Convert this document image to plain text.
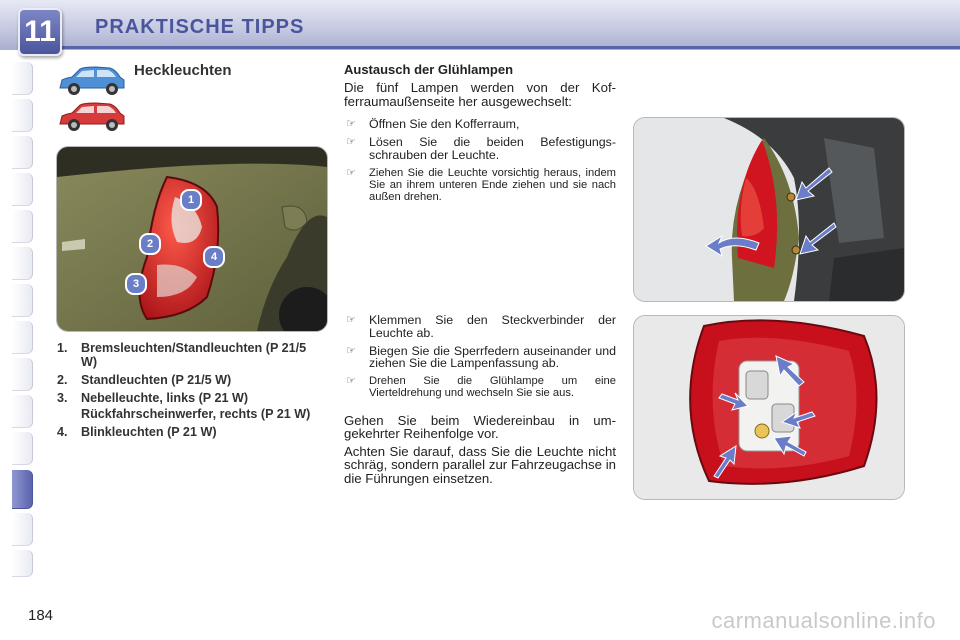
11	PRAKTISCHE TIPPS
Heckleuchten
1
2
3
4
1. Bremsleuchten/Standleuchten (P 21/5 W)
2. Standleuchten (P 21/5 W)
3. Nebelleuchte, links (P 21 W)
Rückfahrscheinwerfer, rechts (P 21 W)
4. Blinkleuchten (P 21 W)
Austausch der Glühlampen
Die fünf Lampen werden von der Kof-ferraumaußenseite her ausgewechselt:
☞ Öffnen Sie den Kofferraum,
☞ Lösen Sie die beiden Befestigungs-schrauben der Leuchte.
☞ Ziehen Sie die Leuchte vorsichtig heraus, indem Sie an ihrem unteren Ende ziehen und sie nach außen drehen.
☞ Klemmen Sie den Steckverbinder der Leuchte ab.
☞ Biegen Sie die Sperrfedern auseinander und ziehen Sie die Lampenfassung ab.
☞ Drehen Sie die Glühlampe um eine Vierteldrehung und wechseln Sie sie aus.
Gehen Sie beim Wiedereinbau in um-gekehrter Reihenfolge vor.
Achten Sie darauf, dass Sie die Leuchte nicht schräg, sondern parallel zur Fahrzeugachse in die Führungen einsetzen.
184	carmanualsonline.info
